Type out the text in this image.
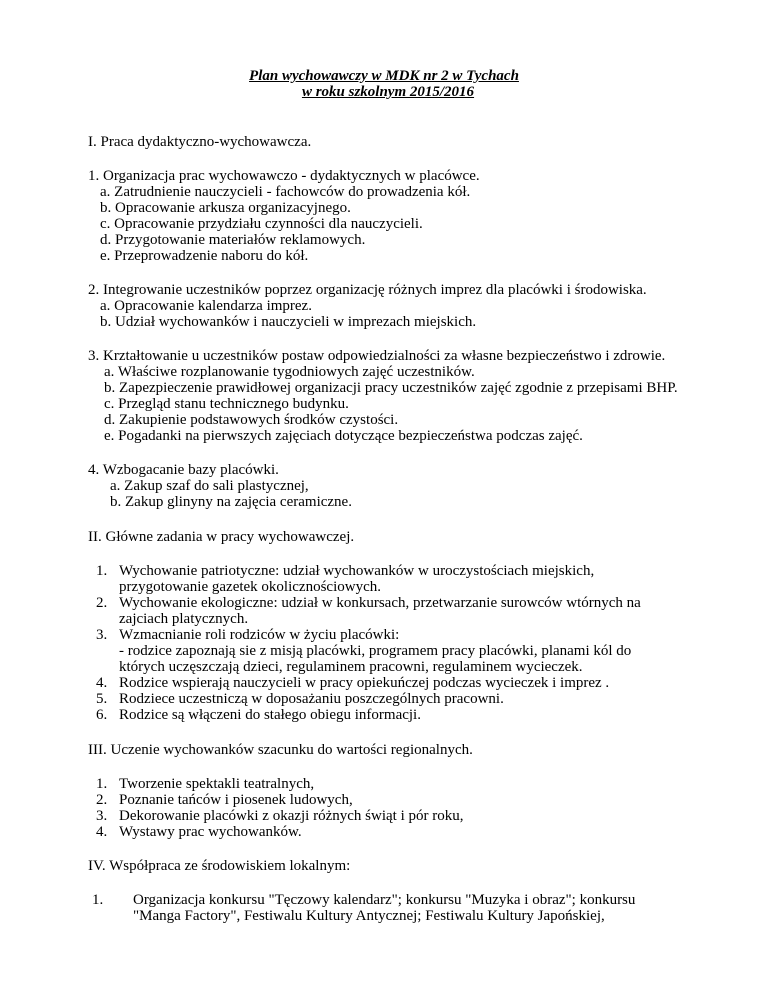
Plan wychowawczy w MDK nr 2 w Tychach
w roku szkolnym 2015/2016
I. Praca dydaktyczno-wychowawcza.
1. Organizacja prac wychowawczo - dydaktycznych w placówce.
a. Zatrudnienie nauczycieli - fachowców do prowadzenia kół.
b. Opracowanie arkusza organizacyjnego.
c. Opracowanie przydziału czynności dla nauczycieli.
d. Przygotowanie materiałów reklamowych.
e. Przeprowadzenie naboru do kół.
2. Integrowanie uczestników poprzez organizację różnych imprez dla placówki i środowiska.
a. Opracowanie kalendarza imprez.
b. Udział wychowanków i nauczycieli w imprezach miejskich.
3. Krztałtowanie u uczestników postaw odpowiedzialności za własne bezpieczeństwo i zdrowie.
a. Właściwe rozplanowanie tygodniowych zajęć uczestników.
b. Zapezpieczenie prawidłowej organizacji pracy uczestników zajęć zgodnie z przepisami BHP.
c. Przegląd stanu technicznego budynku.
d. Zakupienie podstawowych środków czystości.
e. Pogadanki na pierwszych zajęciach dotyczące bezpieczeństwa podczas zajęć.
4. Wzbogacanie bazy placówki.
a. Zakup szaf do sali plastycznej,
b. Zakup glinyny na zajęcia ceramiczne.
II. Główne zadania w pracy wychowawczej.
1. Wychowanie patriotyczne: udział wychowanków w uroczystościach miejskich,
przygotowanie gazetek okolicznościowych.
2. Wychowanie ekologiczne: udział w konkursach, przetwarzanie surowców wtórnych na
zajciach platycznych.
3. Wzmacnianie roli rodziców w życiu placówki:
- rodzice zapoznają sie z misją placówki, programem pracy placówki, planami kól do
których uczęszczają dzieci, regulaminem pracowni, regulaminem wycieczek.
4. Rodzice wspierają nauczycieli w pracy opiekuńczej podczas wycieczek i imprez .
5. Rodziece uczestniczą w doposażaniu poszczególnych pracowni.
6. Rodzice są włączeni do stałego obiegu informacji.
III. Uczenie wychowanków szacunku do wartości regionalnych.
1. Tworzenie spektakli teatralnych,
2. Poznanie tańców i piosenek ludowych,
3. Dekorowanie placówki z okazji różnych świąt i pór roku,
4. Wystawy prac wychowanków.
IV. Współpraca ze środowiskiem lokalnym:
1. Organizacja konkursu "Tęczowy kalendarz"; konkursu "Muzyka i obraz"; konkursu
"Manga Factory", Festiwalu Kultury Antycznej; Festiwalu Kultury Japońskiej,
